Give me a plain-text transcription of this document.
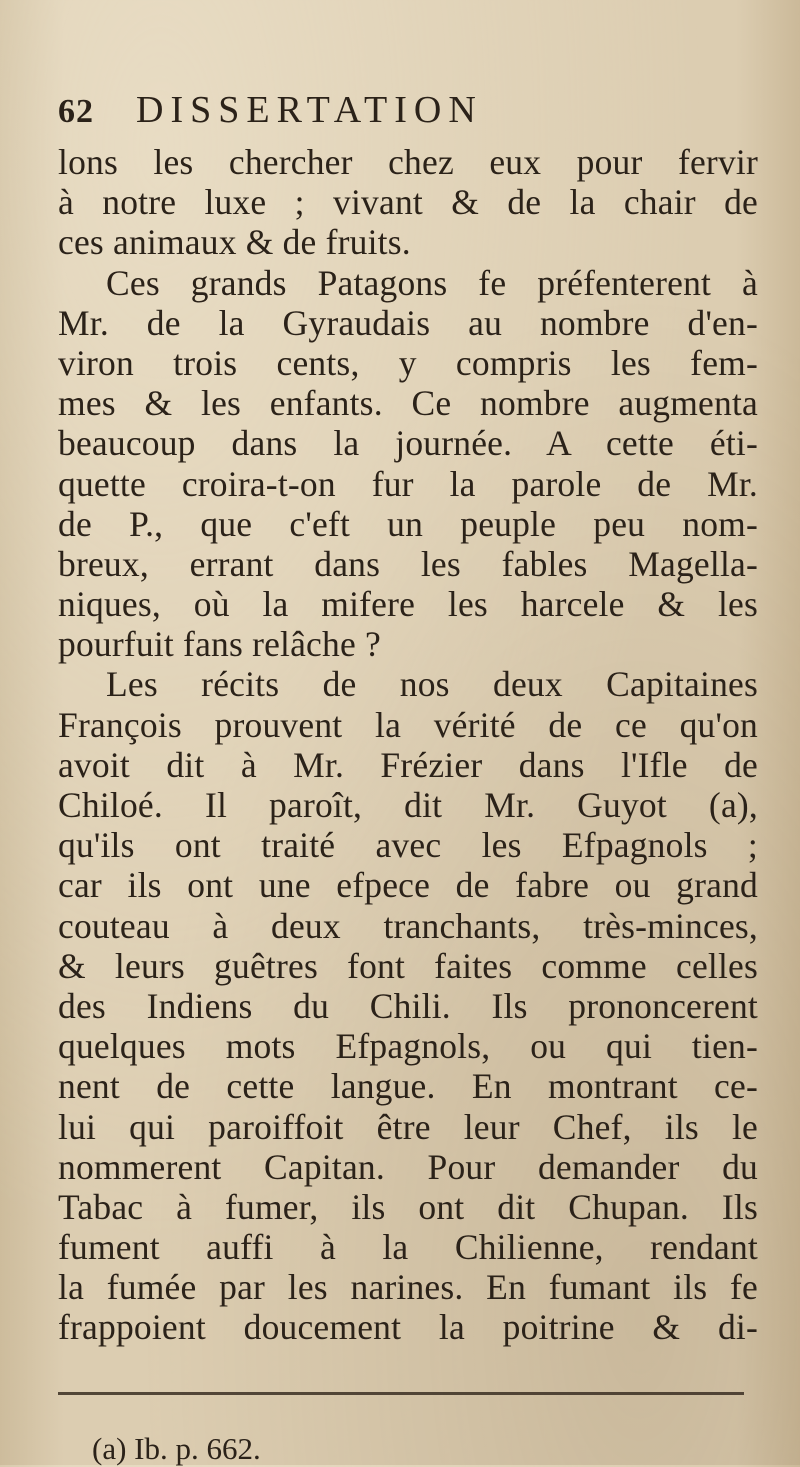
62	DISSERTATION
lons les chercher chez eux pour fervir
à notre luxe ; vivant & de la chair de
ces animaux & de fruits.
Ces grands Patagons fe préfenterent à
Mr. de la Gyraudais au nombre d'en-
viron trois cents, y compris les fem-
mes & les enfants. Ce nombre augmenta
beaucoup dans la journée. A cette éti-
quette croira-t-on fur la parole de Mr.
de P., que c'eft un peuple peu nom-
breux, errant dans les fables Magella-
niques, où la mifere les harcele & les
pourfuit fans relâche ?
Les récits de nos deux Capitaines
François prouvent la vérité de ce qu'on
avoit dit à Mr. Frézier dans l'Ifle de
Chiloé. Il paroît, dit Mr. Guyot (a),
qu'ils ont traité avec les Efpagnols ;
car ils ont une efpece de fabre ou grand
couteau à deux tranchants, très-minces,
& leurs guêtres font faites comme celles
des Indiens du Chili. Ils prononcerent
quelques mots Efpagnols, ou qui tien-
nent de cette langue. En montrant ce-
lui qui paroiffoit être leur Chef, ils le
nommerent Capitan. Pour demander du
Tabac à fumer, ils ont dit Chupan. Ils
fument auffi à la Chilienne, rendant
la fumée par les narines. En fumant ils fe
frappoient doucement la poitrine & di-
(a) Ib. p. 662.
